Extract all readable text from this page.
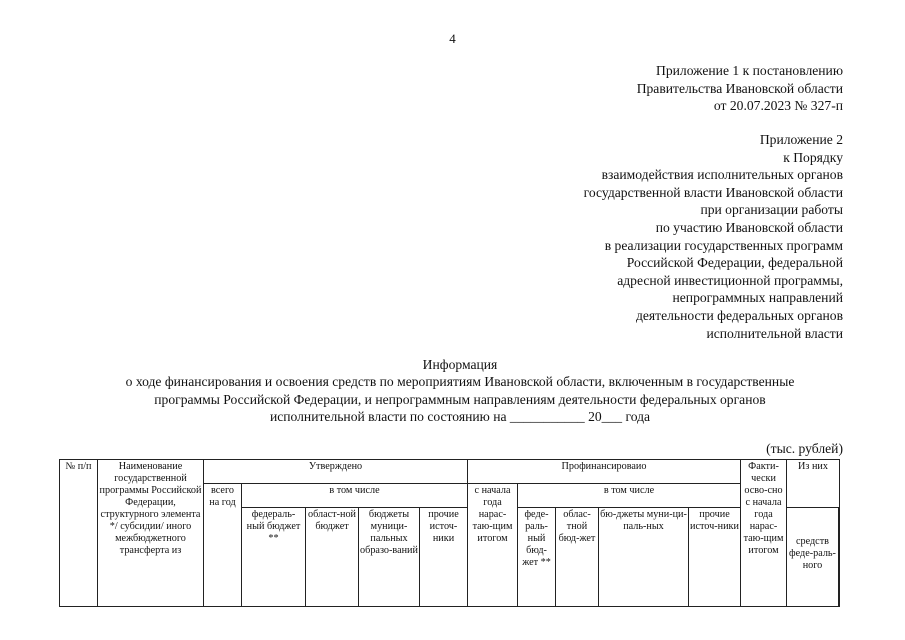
4
Приложение 1 к постановлению
Правительства Ивановской области
от 20.07.2023 № 327-п
Приложение 2
к Порядку
взаимодействия исполнительных органов
государственной власти Ивановской области
при организации работы
по участию Ивановской области
в реализации государственных программ
Российской Федерации, федеральной
адресной инвестиционной программы,
непрограммных направлений
деятельности федеральных органов
исполнительной власти
Информация
о ходе финансирования и освоения средств по мероприятиям Ивановской области, включенным в государственные
программы Российской Федерации, и непрограммным направлениям деятельности федеральных органов
исполнительной власти по состоянию на ___________ 20___ года
(тыс. рублей)
№ п/п	Наименование государственной программы Российской Федерации, структурного элемента */ субсидии/ иного межбюджетного трансферта из	Утверждено					Профинансироваио					Факти-чески осво-сно с начала года нарас-таю-щим итогом	Из них	
		всего на год	в том числе				с начала года нарас-таю-щим итогом	в том числе						
			федераль-ный бюджет **	област-ной бюджет	бюджеты муници-пальных образо-ваний	прочие источ-ники		феде-раль-ный бюд-жет **	облас-тной бюд-жет	бю-джеты муни-ци-паль-ных	прочие источ-ники		средств феде-раль-ного	
